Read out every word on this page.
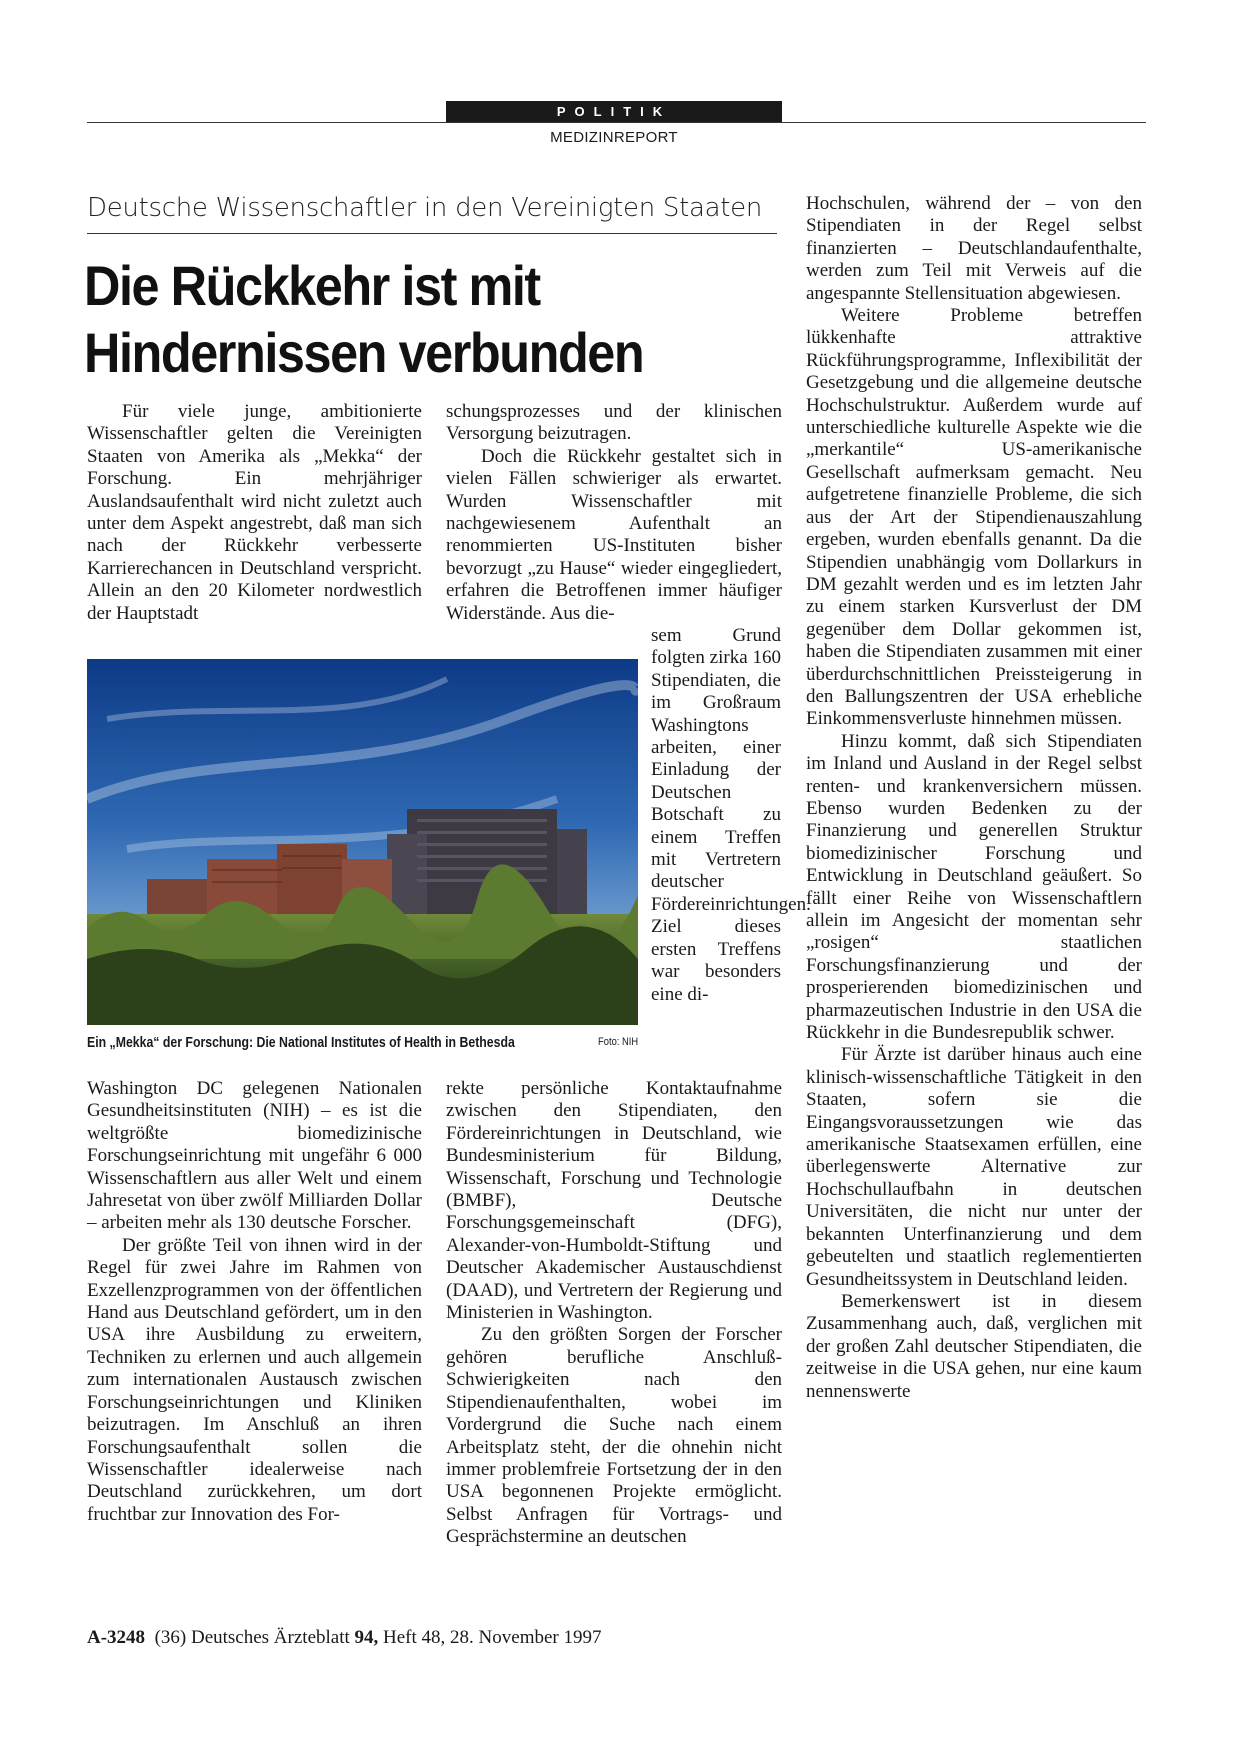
POLITIK
MEDIZINREPORT
Deutsche Wissenschaftler in den Vereinigten Staaten
Die Rückkehr ist mit
Hindernissen verbunden

Für viele junge, ambitionierte Wissenschaftler gelten die Vereinigten Staaten von Amerika als „Mekka“ der Forschung. Ein mehrjähriger Auslandsaufenthalt wird nicht zuletzt auch unter dem Aspekt angestrebt, daß man sich nach der Rückkehr verbesserte Karrierechancen in Deutschland verspricht. Allein an den 20 Kilometer nordwestlich der Hauptstadt

schungsprozesses und der klinischen Versorgung beizutragen.

Doch die Rückkehr gestaltet sich in vielen Fällen schwieriger als erwartet. Wurden Wissenschaftler mit nachgewiesenem Aufenthalt an renommierten US-Instituten bisher bevorzugt „zu Hause“ wieder eingegliedert, erfahren die Betroffenen immer häufiger Widerstände. Aus die-

sem Grund folgten zirka 160 Stipendiaten, die im Großraum Washingtons arbeiten, einer Einladung der Deutschen Botschaft zu einem Treffen mit Vertretern deutscher Fördereinrichtungen. Ziel dieses ersten Treffens war besonders eine di-

Ein „Mekka“ der Forschung: Die National Institutes of Health in Bethesda	Foto: NIH

Washington DC gelegenen Nationalen Gesundheitsinstituten (NIH) – es ist die weltgrößte biomedizinische Forschungseinrichtung mit ungefähr 6 000 Wissenschaftlern aus aller Welt und einem Jahresetat von über zwölf Milliarden Dollar – arbeiten mehr als 130 deutsche Forscher.

Der größte Teil von ihnen wird in der Regel für zwei Jahre im Rahmen von Exzellenzprogrammen von der öffentlichen Hand aus Deutschland gefördert, um in den USA ihre Ausbildung zu erweitern, Techniken zu erlernen und auch allgemein zum internationalen Austausch zwischen Forschungseinrichtungen und Kliniken beizutragen. Im Anschluß an ihren Forschungsaufenthalt sollen die Wissenschaftler idealerweise nach Deutschland zurückkehren, um dort fruchtbar zur Innovation des For-

rekte persönliche Kontaktaufnahme zwischen den Stipendiaten, den Fördereinrichtungen in Deutschland, wie Bundesministerium für Bildung, Wissenschaft, Forschung und Technologie (BMBF), Deutsche Forschungsgemeinschaft (DFG), Alexander-von-Humboldt-Stiftung und Deutscher Akademischer Austauschdienst (DAAD), und Vertretern der Regierung und Ministerien in Washington.

Zu den größten Sorgen der Forscher gehören berufliche Anschluß-Schwierigkeiten nach den Stipendienaufenthalten, wobei im Vordergrund die Suche nach einem Arbeitsplatz steht, der die ohnehin nicht immer problemfreie Fortsetzung der in den USA begonnenen Projekte ermöglicht. Selbst Anfragen für Vortrags- und Gesprächstermine an deutschen

Hochschulen, während der – von den Stipendiaten in der Regel selbst finanzierten – Deutschlandaufenthalte, werden zum Teil mit Verweis auf die angespannte Stellensituation abgewiesen.

Weitere Probleme betreffen lükkenhafte attraktive Rückführungsprogramme, Inflexibilität der Gesetzgebung und die allgemeine deutsche Hochschulstruktur. Außerdem wurde auf unterschiedliche kulturelle Aspekte wie die „merkantile“ US-amerikanische Gesellschaft aufmerksam gemacht. Neu aufgetretene finanzielle Probleme, die sich aus der Art der Stipendienauszahlung ergeben, wurden ebenfalls genannt. Da die Stipendien unabhängig vom Dollarkurs in DM gezahlt werden und es im letzten Jahr zu einem starken Kursverlust der DM gegenüber dem Dollar gekommen ist, haben die Stipendiaten zusammen mit einer überdurchschnittlichen Preissteigerung in den Ballungszentren der USA erhebliche Einkommensverluste hinnehmen müssen.

Hinzu kommt, daß sich Stipendiaten im Inland und Ausland in der Regel selbst renten- und krankenversichern müssen. Ebenso wurden Bedenken zu der Finanzierung und generellen Struktur biomedizinischer Forschung und Entwicklung in Deutschland geäußert. So fällt einer Reihe von Wissenschaftlern allein im Angesicht der momentan sehr „rosigen“ staatlichen Forschungsfinanzierung und der prosperierenden biomedizinischen und pharmazeutischen Industrie in den USA die Rückkehr in die Bundesrepublik schwer.

Für Ärzte ist darüber hinaus auch eine klinisch-wissenschaftliche Tätigkeit in den Staaten, sofern sie die Eingangsvoraussetzungen wie das amerikanische Staatsexamen erfüllen, eine überlegenswerte Alternative zur Hochschullaufbahn in deutschen Universitäten, die nicht nur unter der bekannten Unterfinanzierung und dem gebeutelten und staatlich reglementierten Gesundheitssystem in Deutschland leiden.

Bemerkenswert ist in diesem Zusammenhang auch, daß, verglichen mit der großen Zahl deutscher Stipendiaten, die zeitweise in die USA gehen, nur eine kaum nennenswerte

A-3248 (36) Deutsches Ärzteblatt 94, Heft 48, 28. November 1997
